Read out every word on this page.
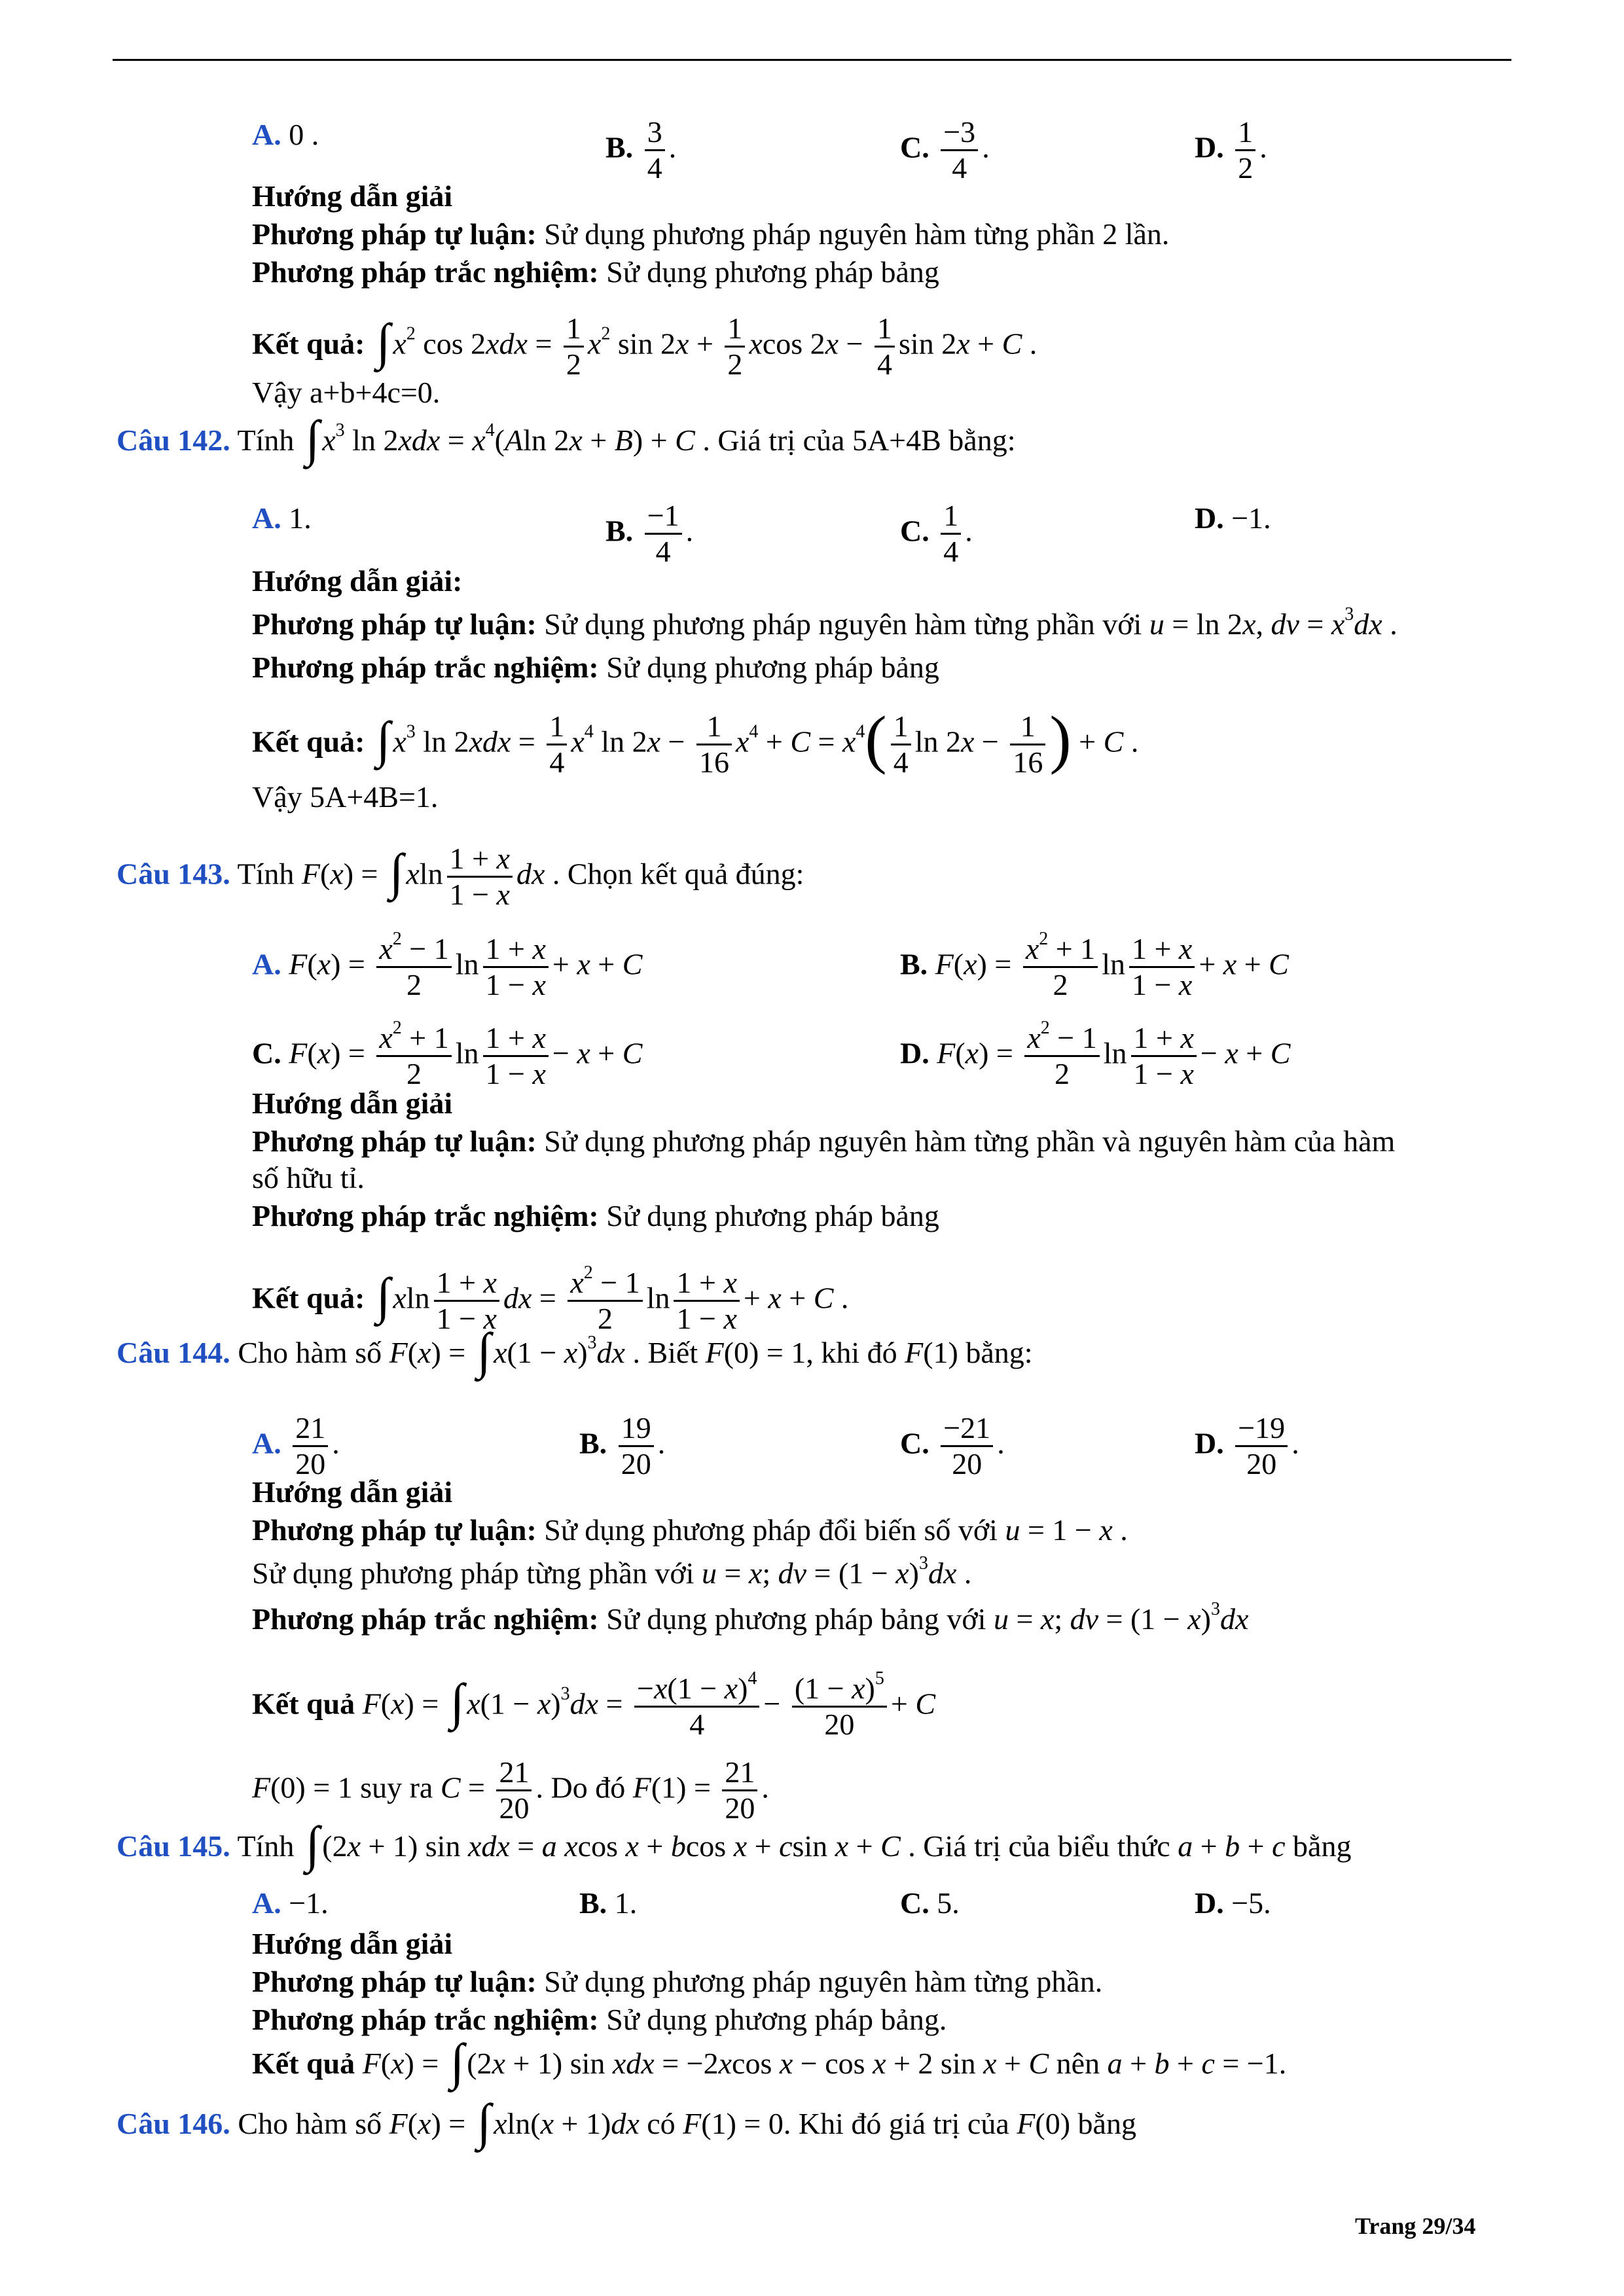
A. 0 .	B. $\frac{3}{4}$ .	C. $\frac{-3}{4}$ .	D. $\frac{1}{2}$ .
Hướng dẫn giải
Phương pháp tự luận: Sử dụng phương pháp nguyên hàm từng phần 2 lần.
Phương pháp trắc nghiệm: Sử dụng phương pháp bảng
Kết quả: $\int x^2$ $\cos 2xdx = \frac{1}{2} x^2$ $\sin 2x + \frac{1}{2}$ xcos $2x - \frac{1}{4}$ sin 2x + C .
Vậy a+b+4c=0.
Câu 142. Tính $\int x^3$ $\ln 2xdx = x^4(Aln$ 2x + B) + C . Giá trị của 5A+4B bằng:
A. 1.	B. $\frac{-1}{4}$ .	C. $\frac{1}{4}$ .	D. −1.
Hướng dẫn giải:
Phương pháp tự luận: Sử dụng phương pháp nguyên hàm từng phần với u = ln 2x, dv = $x^3dx$ .
Phương pháp trắc nghiệm: Sử dụng phương pháp bảng
Kết quả: $\int x^3$ $\ln 2xdx = \frac{1}{4} x^4$ $\ln 2x - \frac{1}{16} x^4 + C = x^4( \frac{1}{4}$ $\ln 2x - \frac{1}{16}$ ) + C .
Vậy 5A+4B=1.
Câu 143. Tính $F(x) = \int xln \frac{1 + x}{1 - x}$ dx . Chọn kết quả đúng:
A. $F(x) = \frac{x^2 - 1}{2}$ $\ln \frac{1 + x}{1 - x} + x + C$	B. $F(x) = \frac{x^2 + 1}{2}$ $\ln \frac{1 + x}{1 - x} + x + C$
C. $F(x) = \frac{x^2 + 1}{2}$ $\ln \frac{1 + x}{1 - x} - x + C$	D. $F(x) = \frac{x^2 - 1}{2}$ $\ln \frac{1 + x}{1 - x} - x + C$
Hướng dẫn giải
Phương pháp tự luận: Sử dụng phương pháp nguyên hàm từng phần và nguyên hàm của hàm
số hữu tỉ.
Phương pháp trắc nghiệm: Sử dụng phương pháp bảng
Kết quả: $\int xln \frac{1 + x}{1 - x}$ dx = $\frac{x^2 - 1}{2}$ $\ln \frac{1 + x}{1 - x} + x + C$ .
Câu 144. Cho hàm số $F(x) = \int x(1 - x)^3dx$ . Biết F(0) = 1, khi đó F(1) bằng:
A. $\frac{21}{20}$ .	B. $\frac{19}{20}$ .	C. $\frac{-21}{20}$ .	D. $\frac{-19}{20}$ .
Hướng dẫn giải
Phương pháp tự luận: Sử dụng phương pháp đổi biến số với u = 1 − x .
Sử dụng phương pháp từng phần với u = x; dv = $(1 - x)^3dx$ .
Phương pháp trắc nghiệm: Sử dụng phương pháp bảng với u = x; dv = $(1 - x)^3dx$
Kết quả $F(x) = \int x(1 - x)^3dx = \frac{-x(1 - x)^4}{4} - \frac{(1 - x)^5}{20} + C$
F(0) = 1 suy ra $C = \frac{21}{20}$ . Do đó $F(1) = \frac{21}{20}$ .
Câu 145. Tính ∫(2x + 1) sin xdx = a xcos x + bcos x + csin x + C . Giá trị của biểu thức a + b + c bằng
A. −1.	B. 1.	C. 5.	D. −5.
Hướng dẫn giải
Phương pháp tự luận: Sử dụng phương pháp nguyên hàm từng phần.
Phương pháp trắc nghiệm: Sử dụng phương pháp bảng.
Kết quả F(x) = ∫(2x + 1) sin xdx = −2xcos x − cos x + 2 sin x + C nên a + b + c = −1.
Câu 146. Cho hàm số F(x) = ∫xln(x + 1)dx có F(1) = 0. Khi đó giá trị của F(0) bằng
Trang 29/34
